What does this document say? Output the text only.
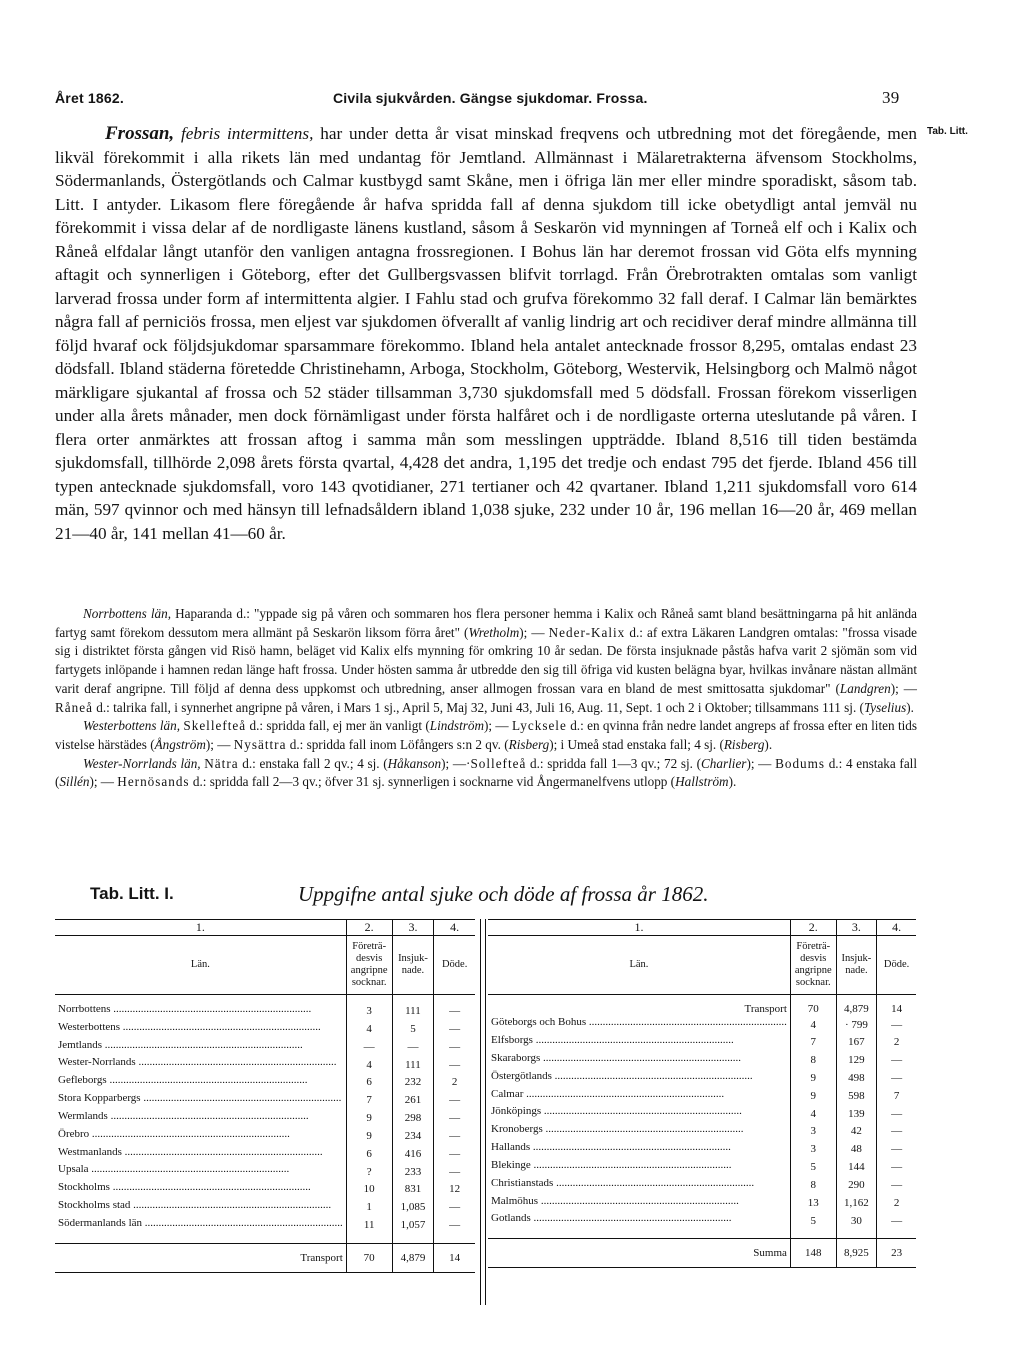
Året 1862.	Civila sjukvården. Gängse sjukdomar. Frossa.	39
Tab. Litt.
Frossan, febris intermittens, har under detta år visat minskad freqvens och utbredning mot det föregående, men likväl förekommit i alla rikets län med undantag för Jemtland. Allmännast i Mälaretrakterna äfvensom Stockholms, Södermanlands, Östergötlands och Calmar kustbygd samt Skåne, men i öfriga län mer eller mindre sporadiskt, såsom tab. Litt. I antyder. Likasom flere föregående år hafva spridda fall af denna sjukdom till icke obetydligt antal jemväl nu förekommit i vissa delar af de nordligaste länens kustland, såsom å Seskarön vid mynningen af Torneå elf och i Kalix och Råneå elfdalar långt utanför den vanligen antagna frossregionen. I Bohus län har deremot frossan vid Göta elfs mynning aftagit och synnerligen i Göteborg, efter det Gullbergsvassen blifvit torrlagd. Från Örebrotrakten omtalas som vanligt larverad frossa under form af intermittenta algier. I Fahlu stad och grufva förekommo 32 fall deraf. I Calmar län bemärktes några fall af perniciös frossa, men eljest var sjukdomen öfverallt af vanlig lindrig art och recidiver deraf mindre allmänna till följd hvaraf ock följdsjukdomar sparsammare förekommo. Ibland hela antalet antecknade frossor 8,295, omtalas endast 23 dödsfall. Ibland städerna företedde Christinehamn, Arboga, Stockholm, Göteborg, Westervik, Helsingborg och Malmö något märkligare sjukantal af frossa och 52 städer tillsamman 3,730 sjukdomsfall med 5 dödsfall. Frossan förekom visserligen under alla årets månader, men dock förnämligast under första halfåret och i de nordligaste orterna uteslutande på våren. I flera orter anmärktes att frossan aftog i samma mån som messlingen uppträdde. Ibland 8,516 till tiden bestämda sjukdomsfall, tillhörde 2,098 årets första qvartal, 4,428 det andra, 1,195 det tredje och endast 795 det fjerde. Ibland 456 till typen antecknade sjukdomsfall, voro 143 qvotidianer, 271 tertianer och 42 qvartaner. Ibland 1,211 sjukdomsfall voro 614 män, 597 qvinnor och med hänsyn till lefnadsåldern ibland 1,038 sjuke, 232 under 10 år, 196 mellan 16—20 år, 469 mellan 21—40 år, 141 mellan 41—60 år.

Norrbottens län, Haparanda d.: "yppade sig på våren och sommaren hos flera personer hemma i Kalix och Råneå samt bland besättningarna på hit anlända fartyg samt förekom dessutom mera allmänt på Seskarön liksom förra året" (Wretholm); — Neder-Kalix d.: af extra Läkaren Landgren omtalas: "frossa visade sig i distriktet första gången vid Risö hamn, beläget vid Kalix elfs mynning för omkring 10 år sedan. De första insjuknade påstås hafva varit 2 sjömän som vid fartygets inlöpande i hamnen redan länge haft frossa. Under hösten samma år utbredde den sig till öfriga vid kusten belägna byar, hvilkas invånare nästan allmänt varit deraf angripne. Till följd af denna dess uppkomst och utbredning, anser allmogen frossan vara en bland de mest smittosatta sjukdomar" (Landgren); — Råneå d.: talrika fall, i synnerhet angripne på våren, i Mars 1 sj., April 5, Maj 32, Juni 43, Juli 16, Aug. 11, Sept. 1 och 2 i Oktober; tillsammans 111 sj. (Tyselius).

Westerbottens län, Skellefteå d.: spridda fall, ej mer än vanligt (Lindström); — Lycksele d.: en qvinna från nedre landet angreps af frossa efter en liten tids vistelse härstädes (Ångström); — Nysättra d.: spridda fall inom Löfångers s:n 2 qv. (Risberg); i Umeå stad enstaka fall; 4 sj. (Risberg).

Wester-Norrlands län, Nätra d.: enstaka fall 2 qv.; 4 sj. (Håkanson); —·Sollefteå d.: spridda fall 1—3 qv.; 72 sj. (Charlier); — Bodums d.: 4 enstaka fall (Sillén); — Hernösands d.: spridda fall 2—3 qv.; öfver 31 sj. synnerligen i socknarne vid Ångermanelfvens utlopp (Hallström).

Tab. Litt. I.	Uppgifne antal sjuke och döde af frossa år 1862.
1.	2.	3.	4.
Län.	Företrä- desvis angripne socknar.	Insjuk- nade.	Döde.

Norrbottens .....	3	111	—
Westerbottens .....	4	5	—
Jemtlands .....	—	—	—
Wester-Norrlands .....	4	111	—
Gefleborgs .....	6	232	2
Stora Kopparbergs .....	7	261	—
Wermlands .....	9	298	—
Örebro .....	9	234	—
Westmanlands .....	6	416	—
Upsala .....	?	233	—
Stockholms .....	10	831	12
Stockholms stad .....	1	1,085	—
Södermanlands län .....	11	1,057	—

Transport	70	4,879	14
1.	2.	3.	4.
Län.	Företrä- desvis angripne socknar.	Insjuk- nade.	Döde.

Transport	70	4,879	14
Göteborgs och Bohus .....	4	· 799	—
Elfsborgs .....	7	167	2
Skaraborgs .....	8	129	—
Östergötlands .....	9	498	—
Calmar .....	9	598	7
Jönköpings .....	4	139	—
Kronobergs .....	3	42	—
Hallands .....	3	48	—
Blekinge .....	5	144	—
Christianstads .....	8	290	—
Malmöhus .....	13	1,162	2
Gotlands .....	5	30	—

Summa	148	8,925	23
